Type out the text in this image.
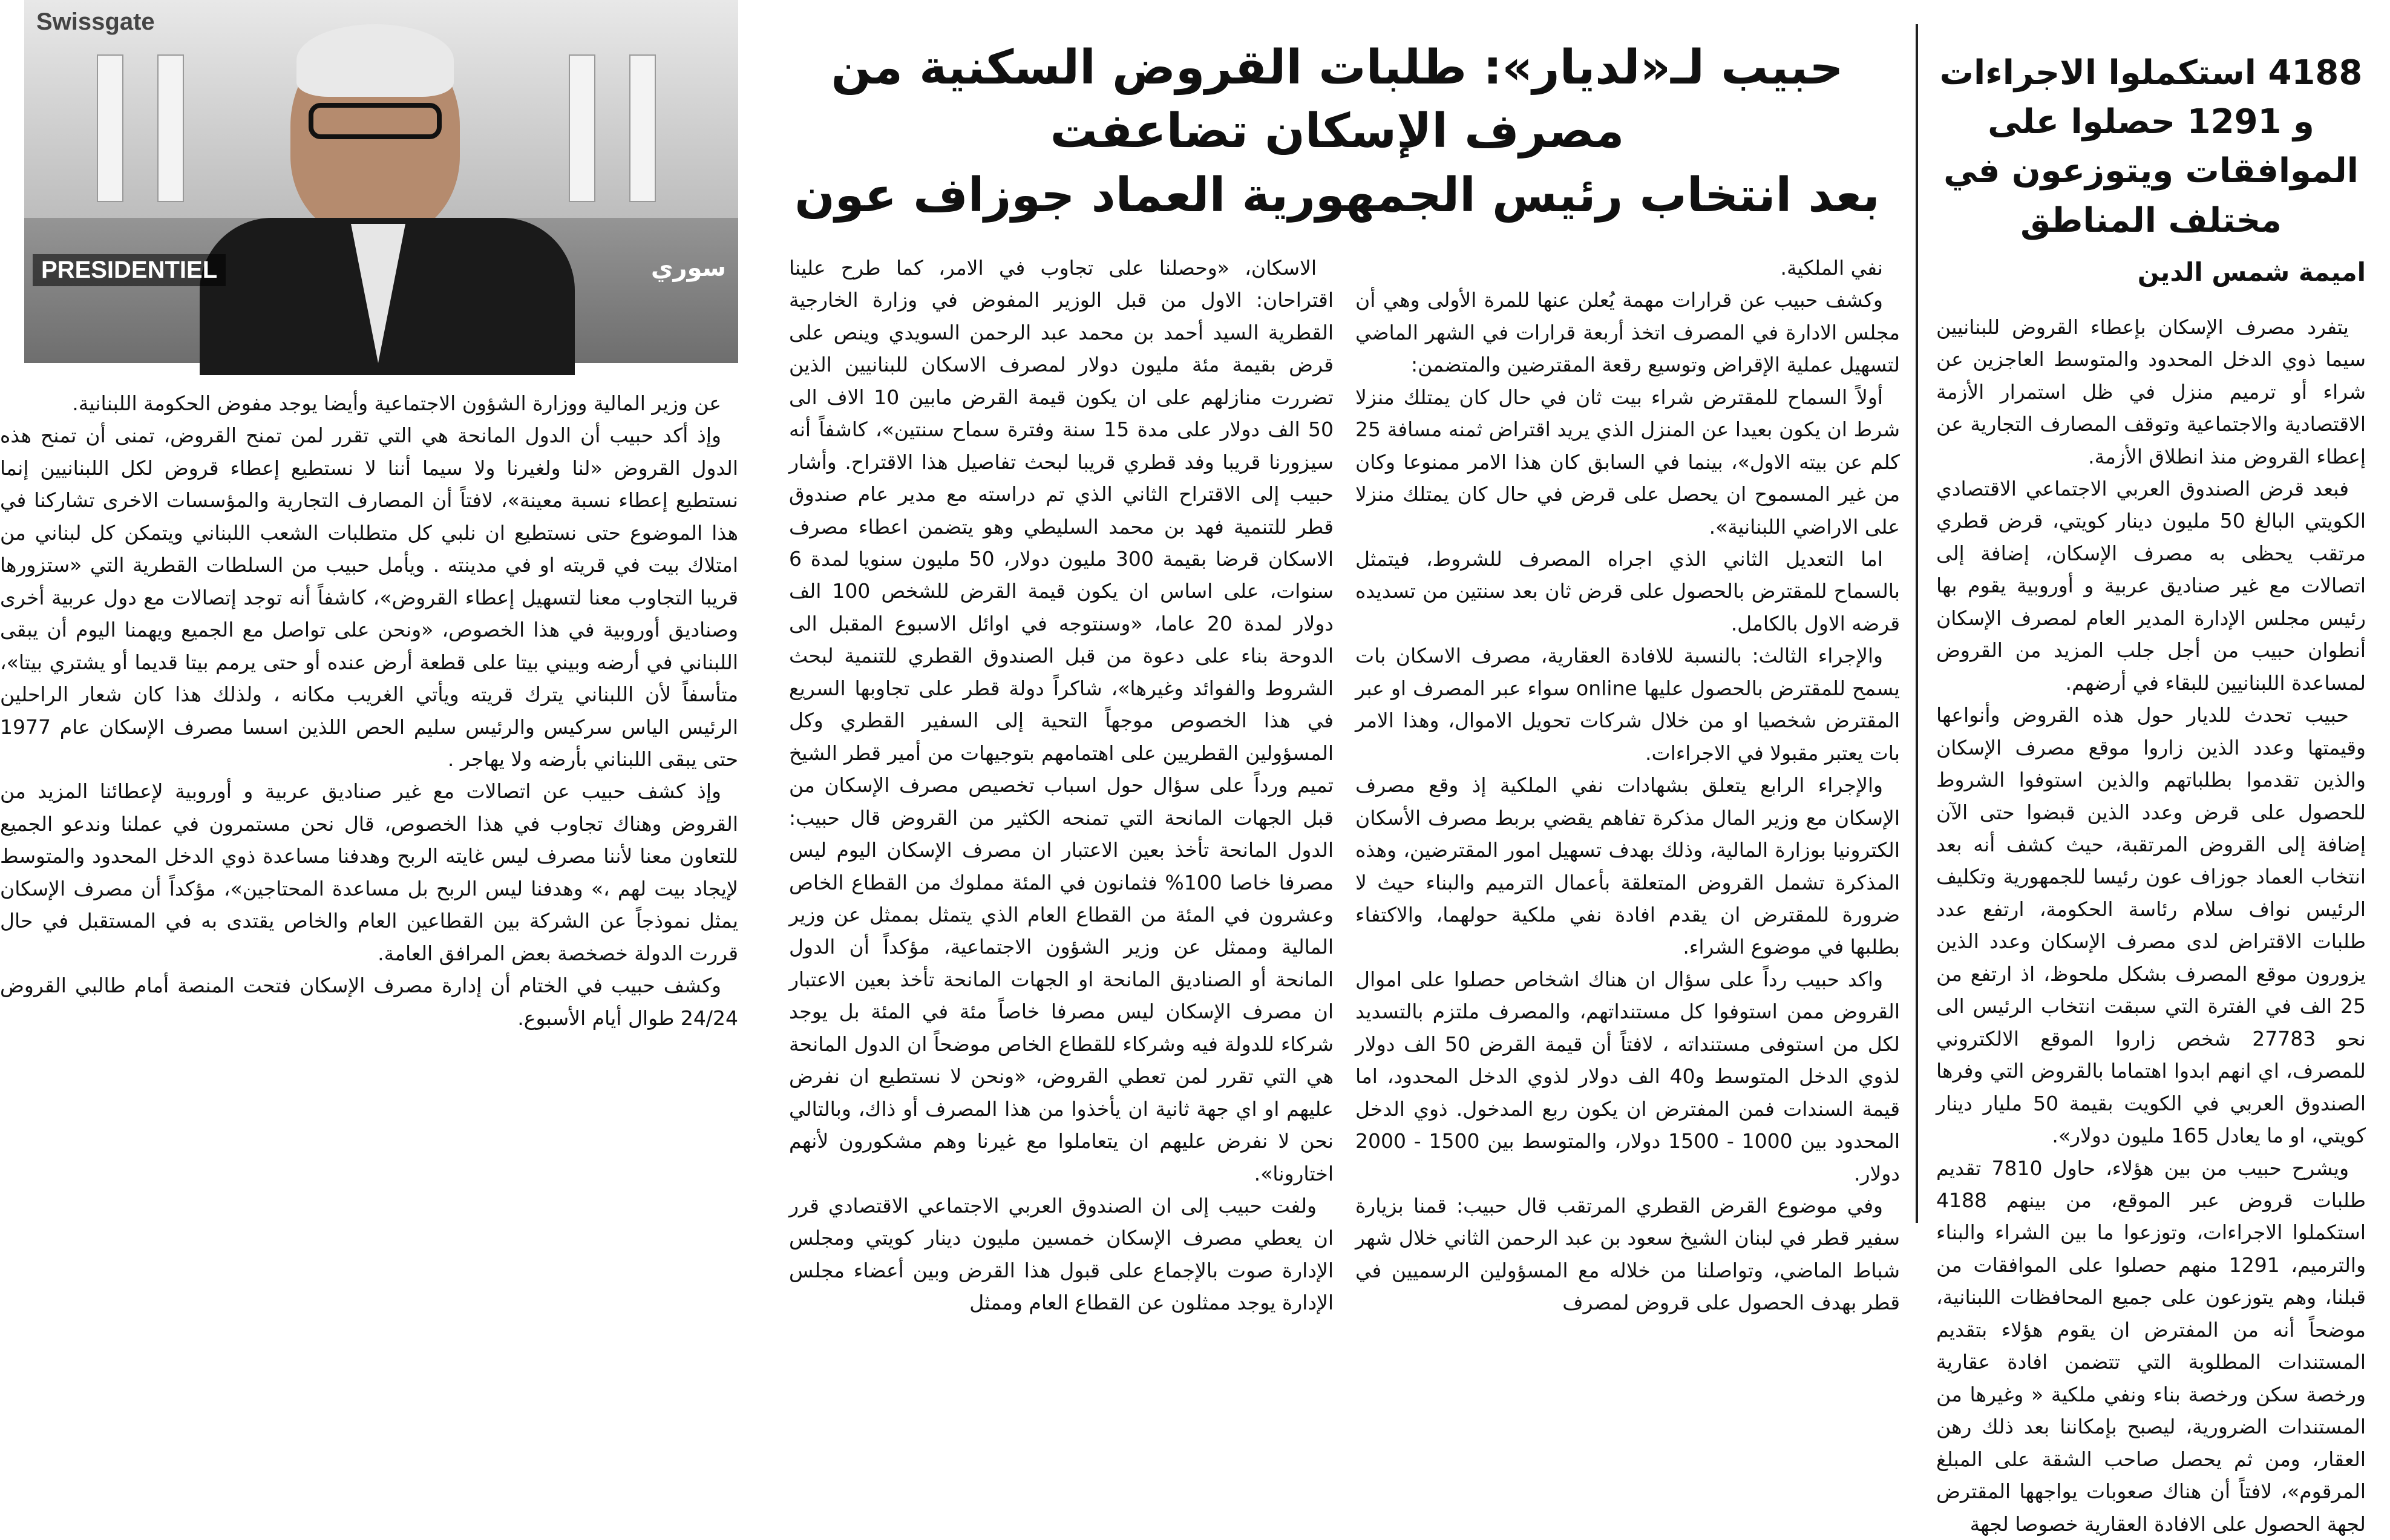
4188 استكملوا الاجراءات و 1291 حصلوا على الموافقات ويتوزعون في مختلف المناطق
اميمة شمس الدين

يتفرد مصرف الإسكان بإعطاء القروض للبنانيين سيما ذوي الدخل المحدود والمتوسط العاجزين عن شراء أو ترميم منزل في ظل استمرار الأزمة الاقتصادية والاجتماعية وتوقف المصارف التجارية عن إعطاء القروض منذ انطلاق الأزمة.

فبعد قرض الصندوق العربي الاجتماعي الاقتصادي الكويتي البالغ 50 مليون دينار كويتي، قرض قطري مرتقب يحظى به مصرف الإسكان، إضافة إلى اتصالات مع غير صناديق عربية و أوروبية يقوم بها رئيس مجلس الإدارة المدير العام لمصرف الإسكان أنطوان حبيب من أجل جلب المزيد من القروض لمساعدة اللبنانيين للبقاء في أرضهم.

حبيب تحدث للديار حول هذه القروض وأنواعها وقيمتها وعدد الذين زاروا موقع مصرف الإسكان والذين تقدموا بطلباتهم والذين استوفوا الشروط للحصول على قرض وعدد الذين قبضوا حتى الآن إضافة إلى القروض المرتقبة، حيث كشف أنه بعد انتخاب العماد جوزاف عون رئيسا للجمهورية وتكليف الرئيس نواف سلام رئاسة الحكومة، ارتفع عدد طلبات الاقتراض لدى مصرف الإسكان وعدد الذين يزورون موقع المصرف بشكل ملحوظ، اذ ارتفع من 25 الف في الفترة التي سبقت انتخاب الرئيس الى نحو 27783 شخص زاروا الموقع الالكتروني للمصرف، اي انهم ابدوا اهتماما بالقروض التي وفرها الصندوق العربي في الكويت بقيمة 50 مليار دينار كويتي، او ما يعادل 165 مليون دولار».

ويشرح حبيب من بين هؤلاء، حاول 7810 تقديم طلبات قروض عبر الموقع، من بينهم 4188 استكملوا الاجراءات، وتوزعوا ما بين الشراء والبناء والترميم، 1291 منهم حصلوا على الموافقات من قبلنا، وهم يتوزعون على جميع المحافظات اللبنانية، موضحاً أنه من المفترض ان يقوم هؤلاء بتقديم المستندات المطلوبة التي تتضمن افادة عقارية ورخصة سكن ورخصة بناء ونفي ملكية « وغيرها من المستندات الضرورية، ليصبح بإمكاننا بعد ذلك رهن العقار، ومن ثم يحصل صاحب الشقة على المبلغ المرقوم»، لافتاً أن هناك صعوبات يواجهها المقترض لجهة الحصول على الافادة العقارية خصوصا لجهة

حبيب لـ«لديار»: طلبات القروض السكنية من مصرف الإسكان تضاعفت
بعد انتخاب رئيس الجمهورية العماد جوزاف عون

نفي الملكية.

وكشف حبيب عن قرارات مهمة يُعلن عنها للمرة الأولى وهي أن مجلس الادارة في المصرف اتخذ أربعة قرارات في الشهر الماضي لتسهيل عملية الإقراض وتوسيع رقعة المقترضين والمتضمن:

أولاً السماح للمقترض شراء بيت ثان في حال كان يمتلك منزلا شرط ان يكون بعيدا عن المنزل الذي يريد اقتراض ثمنه مسافة 25 كلم عن بيته الاول»، بينما في السابق كان هذا الامر ممنوعا وكان من غير المسموح ان يحصل على قرض في حال كان يمتلك منزلا على الاراضي اللبنانية».

اما التعديل الثاني الذي اجراه المصرف للشروط، فيتمثل بالسماح للمقترض بالحصول على قرض ثان بعد سنتين من تسديده قرضه الاول بالكامل.

والإجراء الثالث: بالنسبة للافادة العقارية، مصرف الاسكان بات يسمح للمقترض بالحصول عليها online سواء عبر المصرف او عبر المقترض شخصيا او من خلال شركات تحويل الاموال، وهذا الامر بات يعتبر مقبولا في الاجراءات.

والإجراء الرابع يتعلق بشهادات نفي الملكية إذ وقع مصرف الإسكان مع وزير المال مذكرة تفاهم يقضي بربط مصرف الأسكان الكترونيا بوزارة المالية، وذلك بهدف تسهيل امور المقترضين، وهذه المذكرة تشمل القروض المتعلقة بأعمال الترميم والبناء حيث لا ضرورة للمقترض ان يقدم افادة نفي ملكية حولهما، والاكتفاء بطلبها في موضوع الشراء.

واكد حبيب رداً على سؤال ان هناك اشخاص حصلوا على اموال القروض ممن استوفوا كل مستنداتهم، والمصرف ملتزم بالتسديد لكل من استوفى مستنداته ، لافتاً أن قيمة القرض 50 الف دولار لذوي الدخل المتوسط و40 الف دولار لذوي الدخل المحدود، اما قيمة السندات فمن المفترض ان يكون ربع المدخول. ذوي الدخل المحدود بين 1000 - 1500 دولار، والمتوسط بين 1500 - 2000 دولار.

وفي موضوع القرض القطري المرتقب قال حبيب: قمنا بزيارة سفير قطر في لبنان الشيخ سعود بن عبد الرحمن الثاني خلال شهر شباط الماضي، وتواصلنا من خلاله مع المسؤولين الرسميين في قطر بهدف الحصول على قروض لمصرف

الاسكان، «وحصلنا على تجاوب في الامر، كما طرح علينا اقتراحان: الاول من قبل الوزير المفوض في وزارة الخارجية القطرية السيد أحمد بن محمد عبد الرحمن السويدي وينص على قرض بقيمة مئة مليون دولار لمصرف الاسكان للبنانيين الذين تضررت منازلهم على ان يكون قيمة القرض مابين 10 الاف الى 50 الف دولار على مدة 15 سنة وفترة سماح سنتين»، كاشفاً أنه سيزورنا قريبا وفد قطري قريبا لبحث تفاصيل هذا الاقتراح. وأشار حبيب إلى الاقتراح الثاني الذي تم دراسته مع مدير عام صندوق قطر للتنمية فهد بن محمد السليطي وهو يتضمن اعطاء مصرف الاسكان قرضا بقيمة 300 مليون دولار، 50 مليون سنويا لمدة 6 سنوات، على اساس ان يكون قيمة القرض للشخص 100 الف دولار لمدة 20 عاما، «وسنتوجه في اوائل الاسبوع المقبل الى الدوحة بناء على دعوة من قبل الصندوق القطري للتنمية لبحث الشروط والفوائد وغيرها»، شاكراً دولة قطر على تجاوبها السريع في هذا الخصوص موجهاً التحية إلى السفير القطري وكل المسؤولين القطريين على اهتمامهم بتوجيهات من أمير قطر الشيخ تميم ورداً على سؤال حول اسباب تخصيص مصرف الإسكان من قبل الجهات المانحة التي تمنحه الكثير من القروض قال حبيب: الدول المانحة تأخذ بعين الاعتبار ان مصرف الإسكان اليوم ليس مصرفا خاصا 100% فثمانون في المئة مملوك من القطاع الخاص وعشرون في المئة من القطاع العام الذي يتمثل بممثل عن وزير المالية وممثل عن وزير الشؤون الاجتماعية، مؤكداً أن الدول المانحة أو الصناديق المانحة او الجهات المانحة تأخذ بعين الاعتبار ان مصرف الإسكان ليس مصرفا خاصاً مئة في المئة بل يوجد شركاء للدولة فيه وشركاء للقطاع الخاص موضحاً ان الدول المانحة هي التي تقرر لمن تعطي القروض، «ونحن لا نستطيع ان نفرض عليهم او اي جهة ثانية ان يأخذوا من هذا المصرف أو ذاك، وبالتالي نحن لا نفرض عليهم ان يتعاملوا مع غيرنا وهم مشكورون لأنهم اختارونا».

ولفت حبيب إلى ان الصندوق العربي الاجتماعي الاقتصادي قرر ان يعطي مصرف الإسكان خمسين مليون دينار كويتي ومجلس الإدارة صوت بالإجماع على قبول هذا القرض وبين أعضاء مجلس الإدارة يوجد ممثلون عن القطاع العام وممثل

Swissgate
PRESIDENTIEL	سوري

عن وزير المالية ووزارة الشؤون الاجتماعية وأيضا يوجد مفوض الحكومة اللبنانية.

وإذ أكد حبيب أن الدول المانحة هي التي تقرر لمن تمنح القروض، تمنى أن تمنح هذه الدول القروض «لنا ولغيرنا ولا سيما أننا لا نستطيع إعطاء قروض لكل اللبنانيين إنما نستطيع إعطاء نسبة معينة»، لافتاً أن المصارف التجارية والمؤسسات الاخرى تشاركنا في هذا الموضوع حتى نستطيع ان نلبي كل متطلبات الشعب اللبناني ويتمكن كل لبناني من امتلاك بيت في قريته او في مدينته . ويأمل حبيب من السلطات القطرية التي «ستزورها قريبا التجاوب معنا لتسهيل إعطاء القروض»، كاشفاً أنه توجد إتصالات مع دول عربية أخرى وصناديق أوروبية في هذا الخصوص، «ونحن على تواصل مع الجميع ويهمنا اليوم أن يبقى اللبناني في أرضه وبيني بيتا على قطعة أرض عنده أو حتى يرمم بيتا قديما أو يشتري بيتا»، متأسفاً لأن اللبناني يترك قريته ويأتي الغريب مكانه ، ولذلك هذا كان شعار الراحلين الرئيس الياس سركيس والرئيس سليم الحص اللذين اسسا مصرف الإسكان عام 1977 حتى يبقى اللبناني بأرضه ولا يهاجر .

وإذ كشف حبيب عن اتصالات مع غير صناديق عربية و أوروبية لإعطائنا المزيد من القروض وهناك تجاوب في هذا الخصوص، قال نحن مستمرون في عملنا وندعو الجميع للتعاون معنا لأننا مصرف ليس غايته الربح وهدفنا مساعدة ذوي الدخل المحدود والمتوسط لإيجاد بيت لهم ،» وهدفنا ليس الربح بل مساعدة المحتاجين»، مؤكداً أن مصرف الإسكان يمثل نموذجاً عن الشركة بين القطاعين العام والخاص يقتدى به في المستقبل في حال قررت الدولة خصخصة بعض المرافق العامة.

وكشف حبيب في الختام أن إدارة مصرف الإسكان فتحت المنصة أمام طالبي القروض 24/24 طوال أيام الأسبوع.
